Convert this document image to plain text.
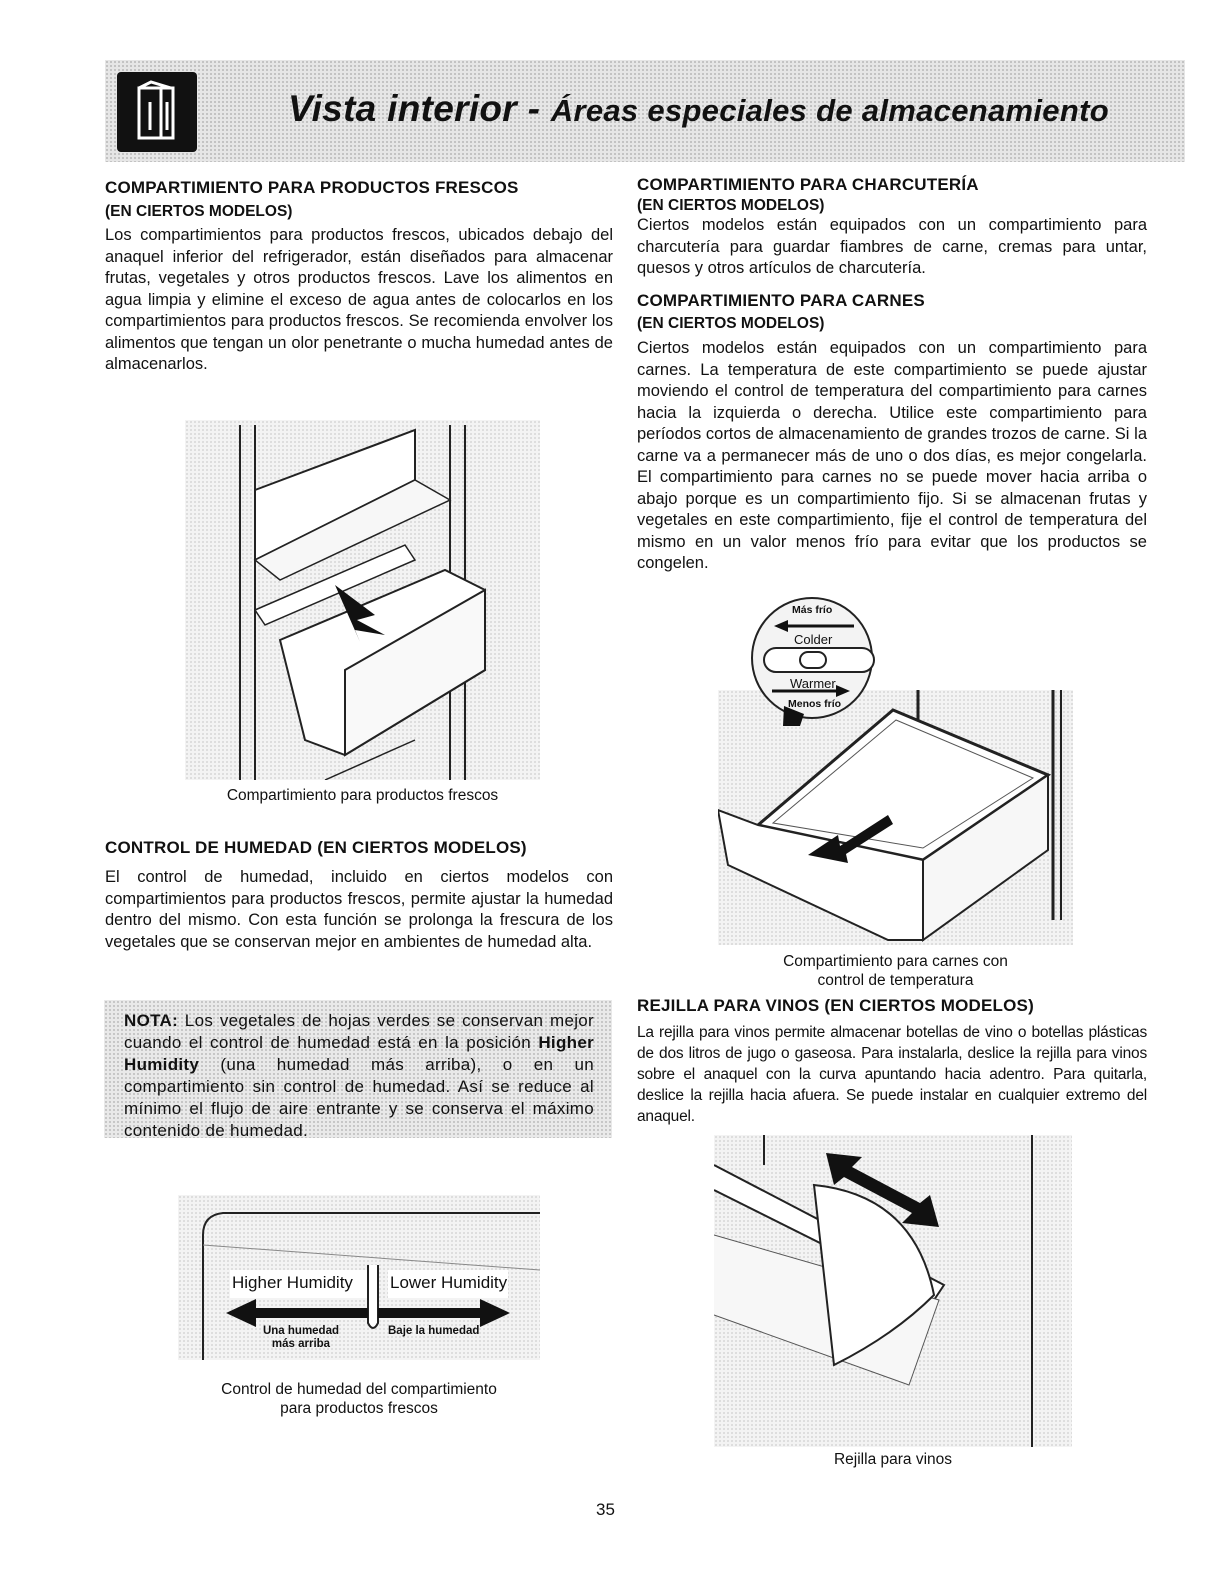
Vista interior - Áreas especiales de almacenamiento
COMPARTIMIENTO PARA PRODUCTOS FRESCOS
(EN CIERTOS MODELOS)
Los compartimientos para productos frescos, ubicados debajo del anaquel inferior del refrigerador, están diseñados para almacenar frutas, vegetales y otros productos frescos. Lave los alimentos en agua limpia y elimine el exceso de agua antes de colocarlos en los compartimientos para productos frescos. Se recomienda envolver los alimentos que tengan un olor penetrante o mucha humedad antes de almacenarlos.
Compartimiento para productos frescos
CONTROL DE HUMEDAD (EN CIERTOS MODELOS)
El control de humedad, incluido en ciertos modelos con compartimientos para productos frescos, permite ajustar la humedad dentro del mismo. Con esta función se prolonga la frescura de los vegetales que se conservan mejor en ambientes de humedad alta.
NOTA: Los vegetales de hojas verdes se conservan mejor cuando el control de humedad está en la posición Higher Humidity (una humedad más arriba), o en un compartimiento sin control de humedad. Así se reduce al mínimo el flujo de aire entrante y se conserva el máximo contenido de humedad.
Higher Humidity Lower Humidity
Una humedad
más arriba
Baje la humedad
Control de humedad del compartimiento
para productos frescos
COMPARTIMIENTO PARA CHARCUTERÍA
(EN CIERTOS MODELOS)
Ciertos modelos están equipados con un compartimiento para charcutería para guardar fiambres de carne, cremas para untar, quesos y otros artículos de charcutería.
COMPARTIMIENTO PARA CARNES
(EN CIERTOS MODELOS)
Ciertos modelos están equipados con un compartimiento para carnes. La temperatura de este compartimiento se puede ajustar moviendo el control de temperatura del compartimiento para carnes hacia la izquierda o derecha. Utilice este compartimiento para períodos cortos de almacenamiento de grandes trozos de carne. Si la carne va a permanecer más de uno o dos días, es mejor congelarla. El compartimiento para carnes no se puede mover hacia arriba o abajo porque es un compartimiento fijo. Si se almacenan frutas y vegetales en este compartimiento, fije el control de temperatura del mismo en un valor menos frío para evitar que los productos se congelen.
Más frío
Colder
Warmer
Menos frío
Compartimiento para carnes con
control de temperatura
REJILLA PARA VINOS (EN CIERTOS MODELOS)
La rejilla para vinos permite almacenar botellas de vino o botellas plásticas de dos litros de jugo o gaseosa. Para instalarla, deslice la rejilla para vinos sobre el anaquel con la curva apuntando hacia adentro. Para quitarla, deslice la rejilla hacia afuera. Se puede instalar en cualquier extremo del anaquel.
Rejilla para vinos
35
